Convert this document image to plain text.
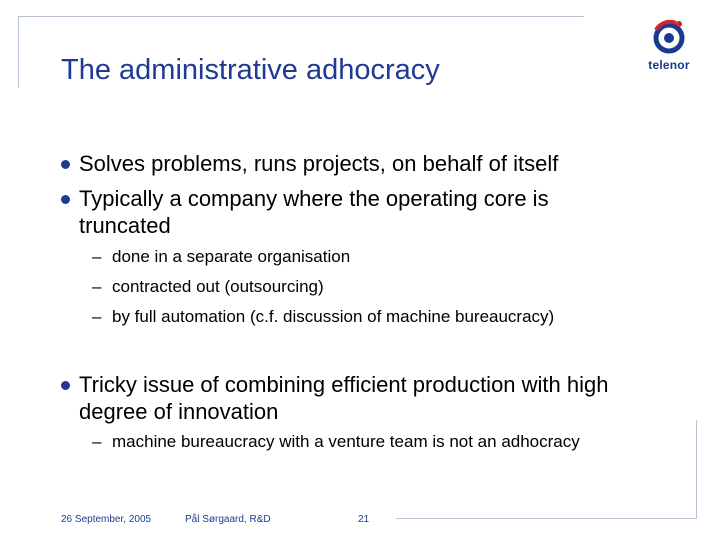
The administrative adhocracy	telenor
Solves problems, runs projects, on behalf of itself
Typically a company where the operating core is truncated
– done in a separate organisation
– contracted out (outsourcing)
– by full automation (c.f. discussion of machine bureaucracy)
Tricky issue of combining efficient production with high degree of innovation
– machine bureaucracy with a venture team is not an adhocracy
26 September, 2005	Pål Sørgaard, R&D	21
